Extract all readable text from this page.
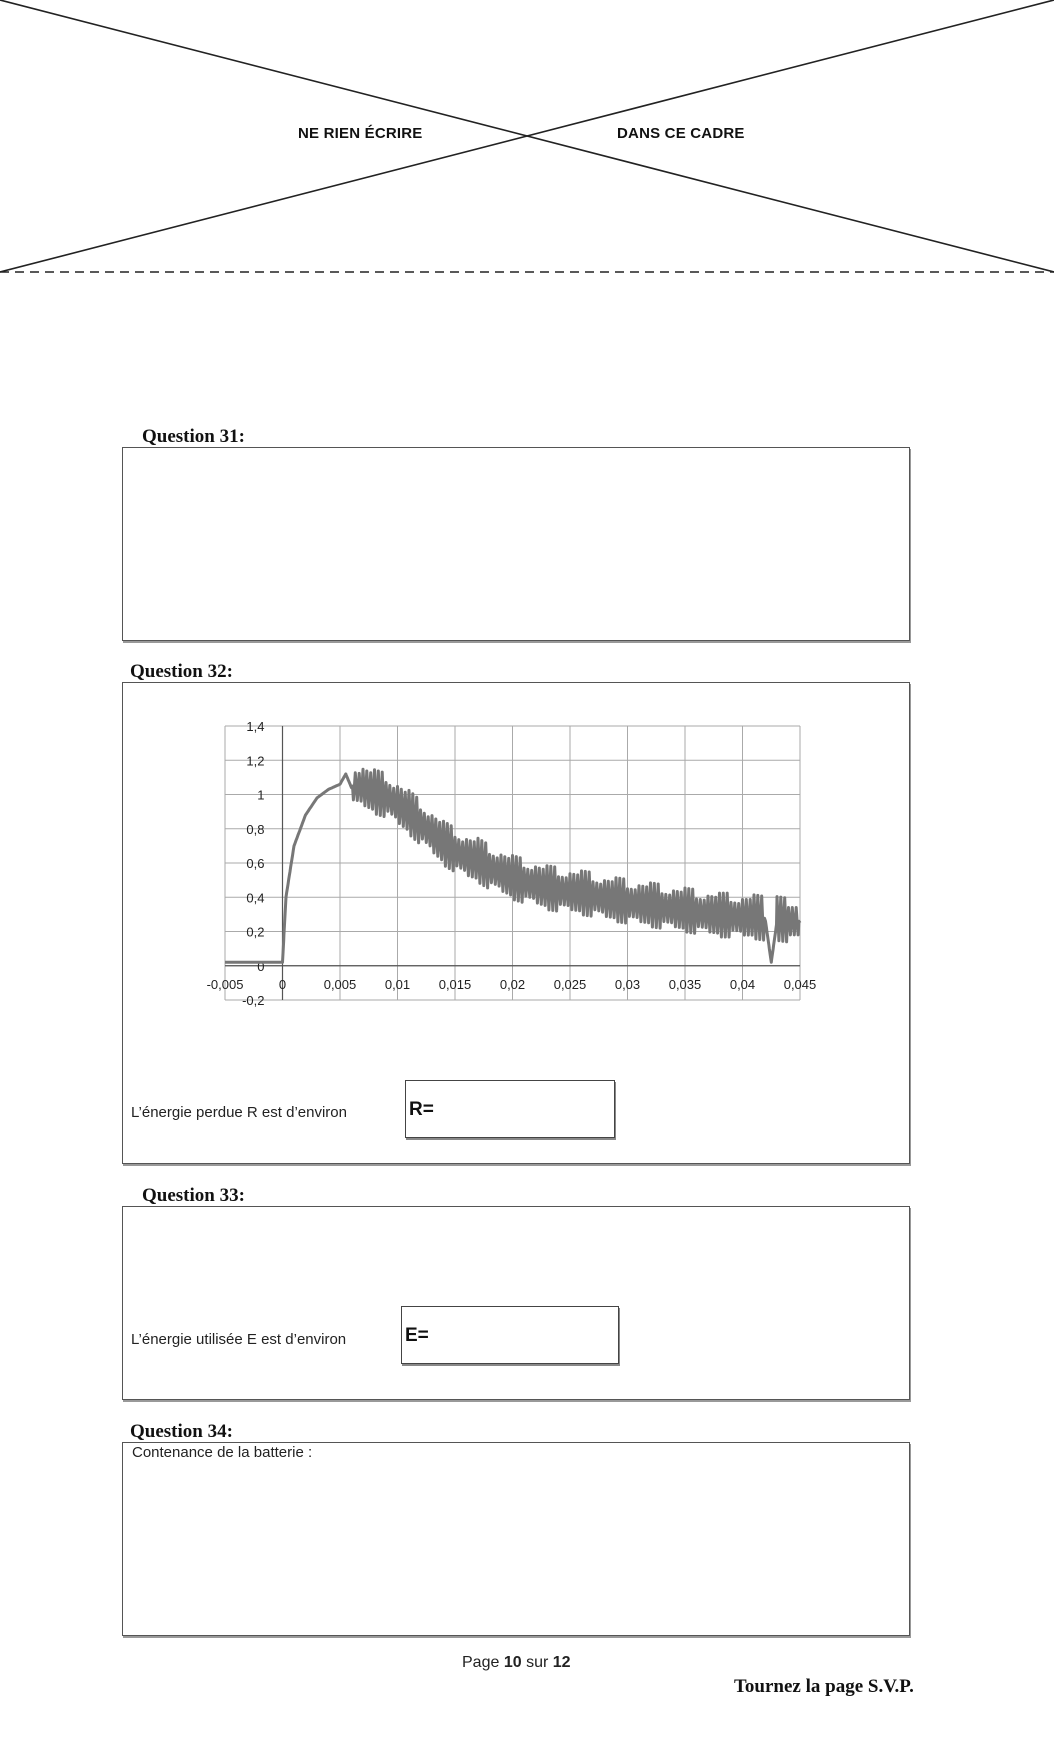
NE RIEN ÉCRIRE	DANS CE CADRE
Question 31:
Question 32:
-0,005	0	0,005 0,01 0,015 0,02 0,025 0,03 0,035 0,04 0,045
-0,2
0
0,2
0,4
0,6
0,8
1
1,2
1,4
L’énergie perdue R est d’environ	R=
Question 33:
L’énergie utilisée E est d’environ	E=
Question 34:
Contenance de la batterie :
Page 10 sur 12
Tournez la page S.V.P.
